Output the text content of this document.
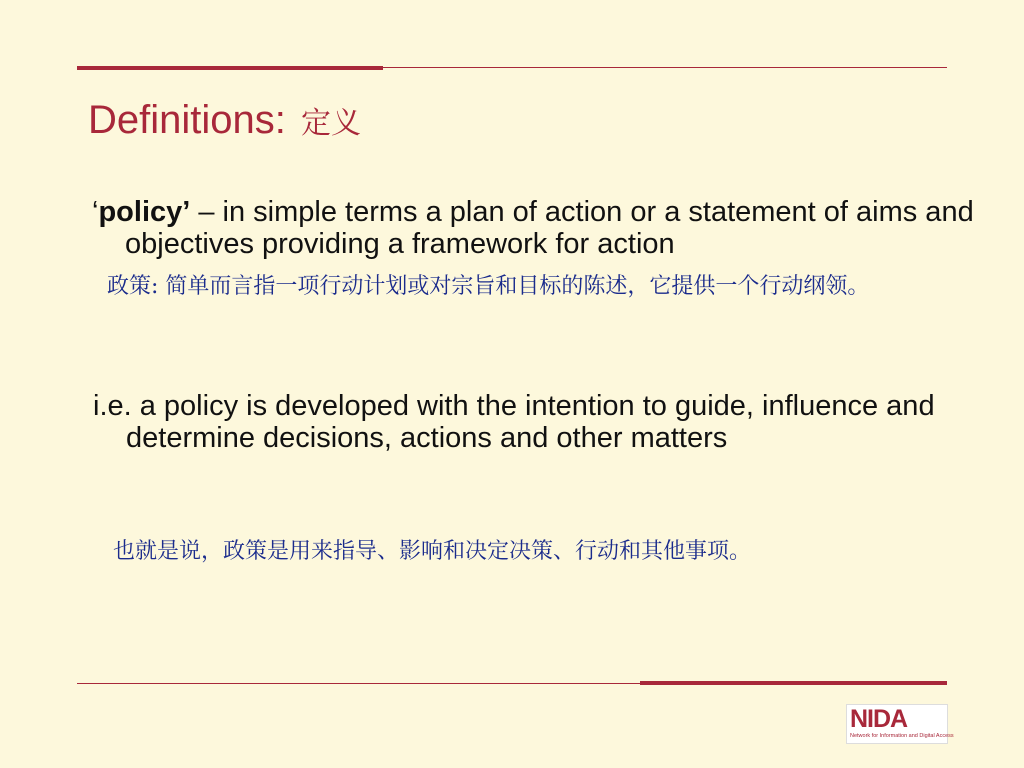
Definitions: 定义
‘policy’ – in simple terms a plan of action or a statement of aims and objectives providing a framework for action
政策: 简单而言指一项行动计划或对宗旨和目标的陈述，它提供一个行动纲领。
i.e. a policy is developed with the intention to guide, influence and determine decisions, actions and other matters
也就是说，政策是用来指导、影响和决定决策、行动和其他事项。
NIDA
Network for Information and Digital Access
